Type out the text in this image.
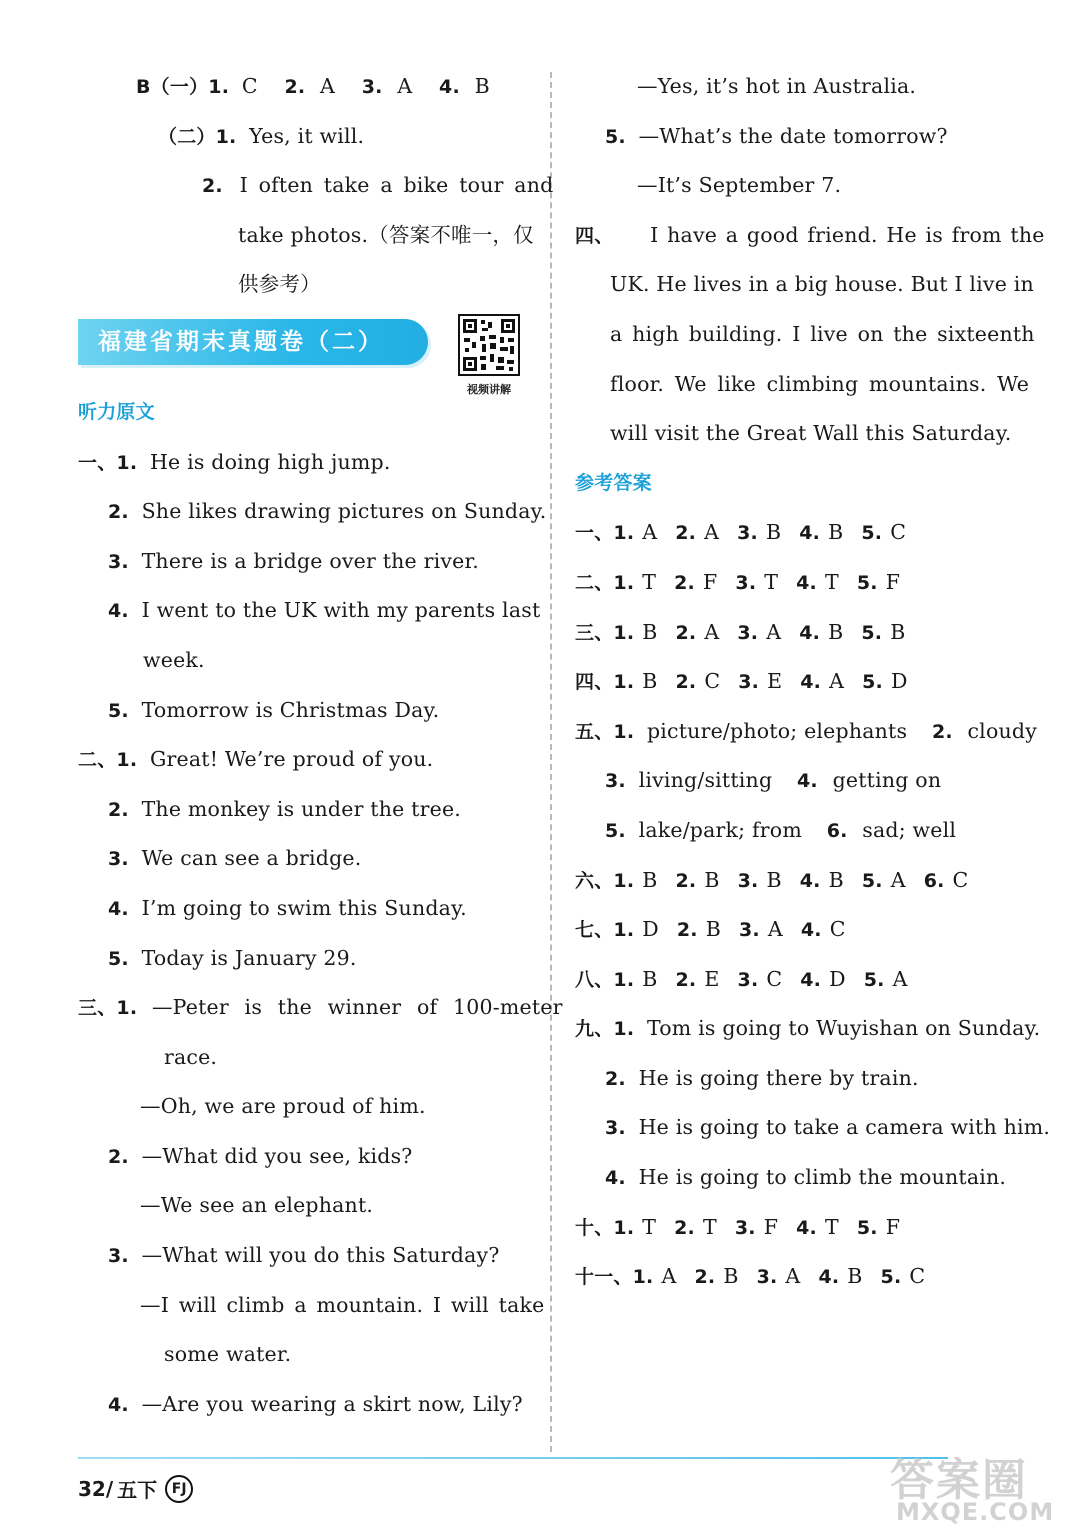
B（一）1. C 2. A 3. A 4. B
（二）1. Yes, it will.
2. I often take a bike tour and
take photos.（答案不唯一，仅
供参考）
福建省期末真题卷（二）
视频讲解
听力原文
一、1. He is doing high jump.
2. She likes drawing pictures on Sunday.
3. There is a bridge over the river.
4. I went to the UK with my parents last
week.
5. Tomorrow is Christmas Day.
二、1. Great! We’re proud of you.
2. The monkey is under the tree.
3. We can see a bridge.
4. I’m going to swim this Sunday.
5. Today is January 29.
三、1. —Peter is the winner of 100-meter
race.
—Oh, we are proud of him.
2. —What did you see, kids?
—We see an elephant.
3. —What will you do this Saturday?
—I will climb a mountain. I will take
some water.
4. —Are you wearing a skirt now, Lily?
—Yes, it’s hot in Australia.
5. —What’s the date tomorrow?
—It’s September 7.
四、 I have a good friend. He is from the
UK. He lives in a big house. But I live in
a high building. I live on the sixteenth
floor. We like climbing mountains. We
will visit the Great Wall this Saturday.
参考答案
一、1. A 2. A 3. B 4. B 5. C
二、1. T 2. F 3. T 4. T 5. F
三、1. B 2. A 3. A 4. B 5. B
四、1. B 2. C 3. E 4. A 5. D
五、1. picture/photo; elephants 2. cloudy
3. living/sitting 4. getting on
5. lake/park; from 6. sad; well
六、1. B 2. B 3. B 4. B 5. A 6. C
七、1. D 2. B 3. A 4. C
八、1. B 2. E 3. C 4. D 5. A
九、1. Tom is going to Wuyishan on Sunday.
2. He is going there by train.
3. He is going to take a camera with him.
4. He is going to climb the mountain.
十、1. T 2. T 3. F 4. T 5. F
十一、1. A 2. B 3. A 4. B 5. C
32/ 五下	FJ	答案圈
MXQE.COM
